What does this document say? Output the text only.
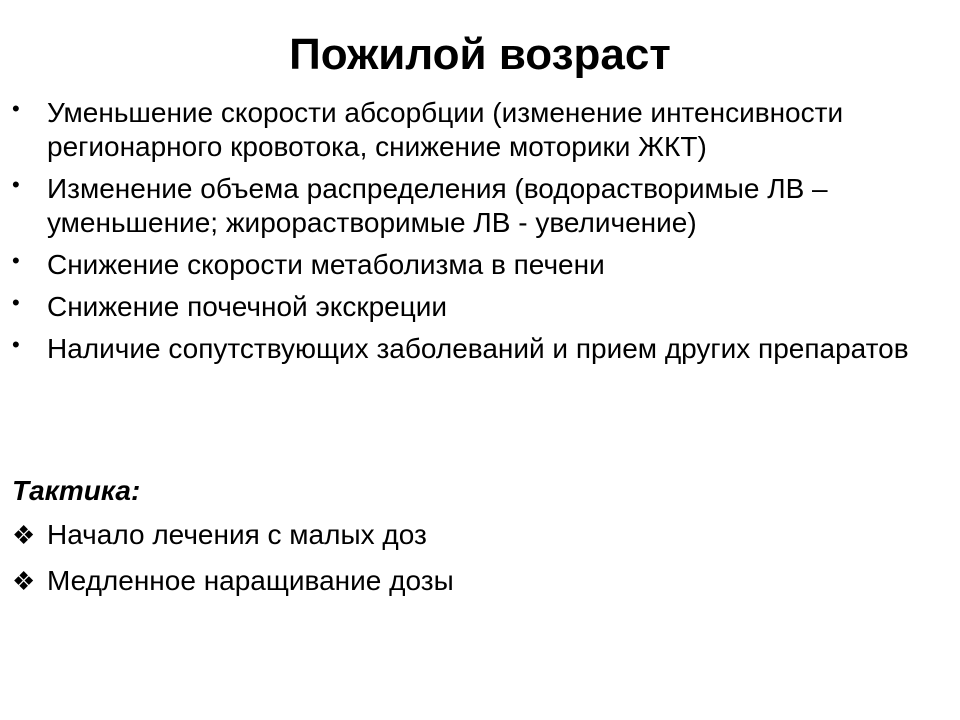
Пожилой возраст
• Уменьшение скорости абсорбции (изменение интенсивности регионарного кровотока, снижение моторики ЖКТ)
• Изменение объема распределения (водорастворимые ЛВ – уменьшение; жирорастворимые ЛВ - увеличение)
• Снижение скорости метаболизма в печени
• Снижение почечной экскреции
• Наличие сопутствующих заболеваний и прием других препаратов
Тактика:
❖ Начало лечения с малых доз
❖ Медленное наращивание дозы
